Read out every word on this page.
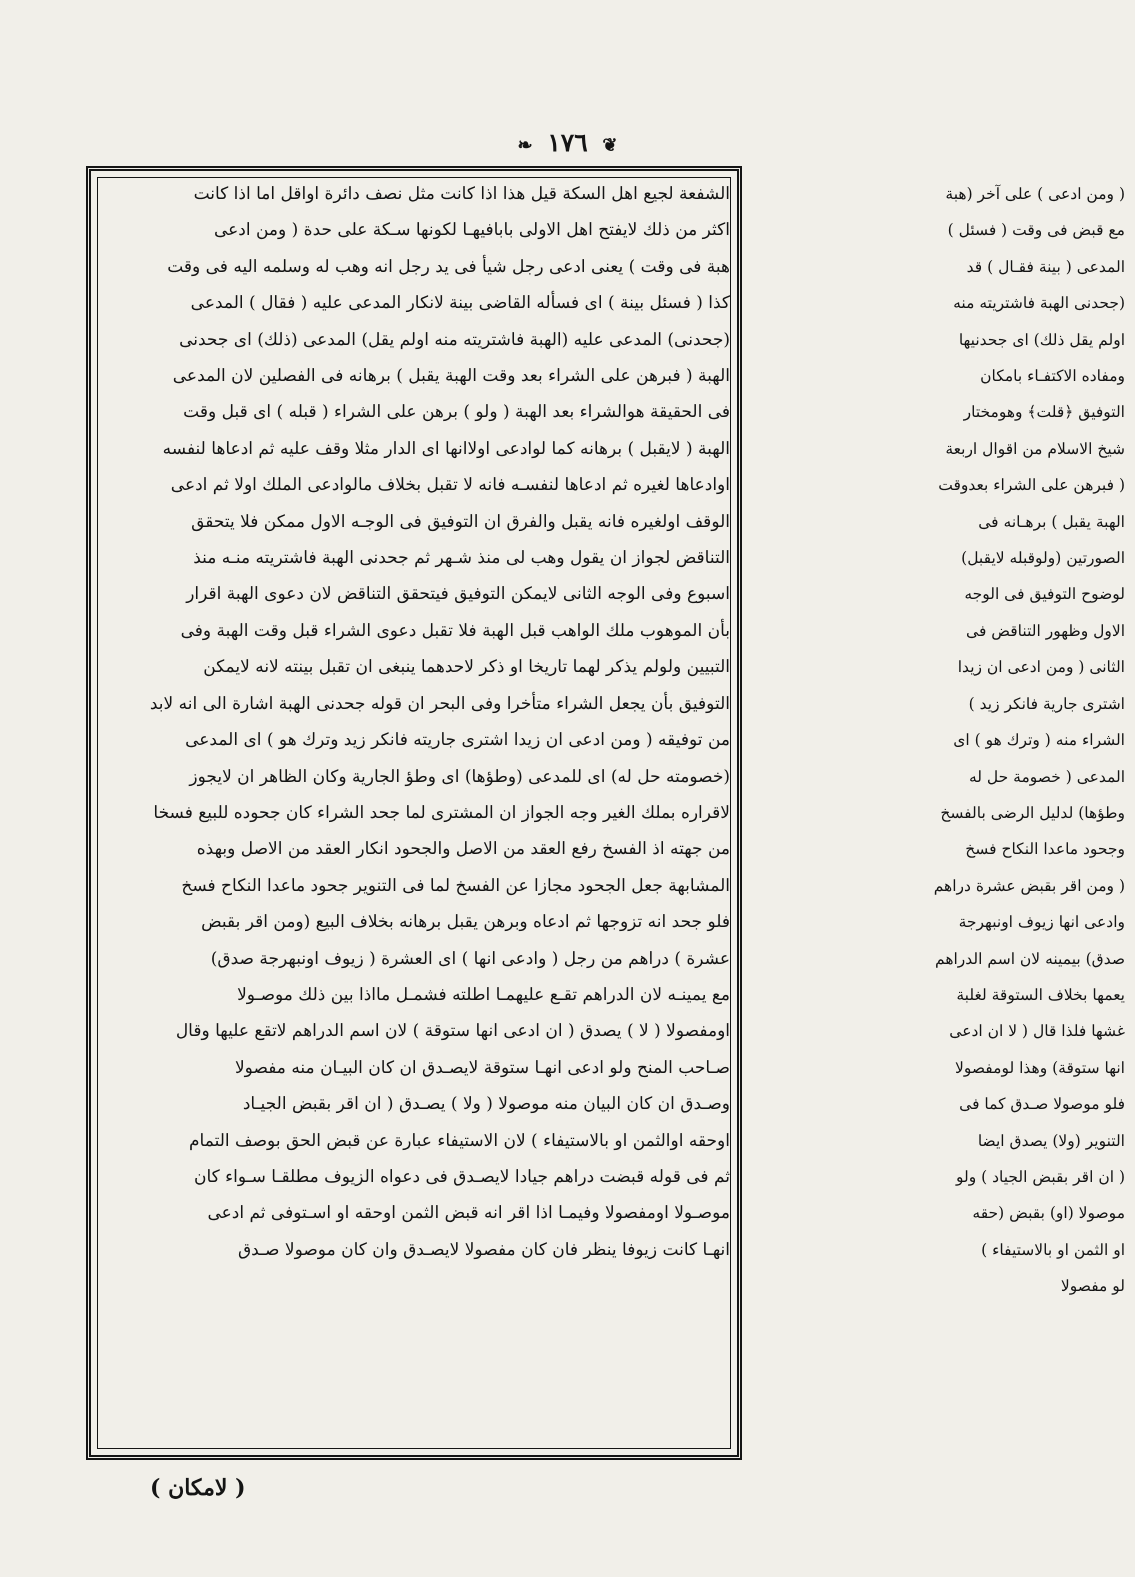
❦ ١٧٦ ❧
الشفعة لجيع اهل السكة قيل هذا اذا كانت مثل نصف دائرة اواقل اما اذا كانت
اكثر من ذلك لايفتح اهل الاولى بابافيهـا لكونها سـكة على حدة ( ومن ادعى
هبة فى وقت ) يعنى ادعى رجل شيأ فى يد رجل انه وهب له وسلمه اليه فى وقت
كذا ( فسئل بينة ) اى فسأله القاضى بينة لانكار المدعى عليه ( فقال ) المدعى
(جحدنى) المدعى عليه (الهبة فاشتريته منه اولم يقل) المدعى (ذلك) اى جحدنى
الهبة ( فبرهن على الشراء بعد وقت الهبة يقبل ) برهانه فى الفصلين لان المدعى
فى الحقيقة هوالشراء بعد الهبة ( ولو ) برهن على الشراء ( قبله ) اى قبل وقت
الهبة ( لايقبل ) برهانه كما لوادعى اولاانها اى الدار مثلا وقف عليه ثم ادعاها لنفسه
اوادعاها لغيره ثم ادعاها لنفسـه فانه لا تقبل بخلاف مالوادعى الملك اولا ثم ادعى
الوقف اولغيره فانه يقبل والفرق ان التوفيق فى الوجـه الاول ممكن فلا يتحقق
التناقض لجواز ان يقول وهب لى منذ شـهر ثم جحدنى الهبة فاشتريته منـه منذ
اسبوع وفى الوجه الثانى لايمكن التوفيق فيتحقق التناقض لان دعوى الهبة اقرار
بأن الموهوب ملك الواهب قبل الهبة فلا تقبل دعوى الشراء قبل وقت الهبة وفى
التبيين ولولم يذكر لهما تاريخا او ذكر لاحدهما ينبغى ان تقبل بينته لانه لايمكن
التوفيق بأن يجعل الشراء متأخرا وفى البحر ان قوله جحدنى الهبة اشارة الى انه لابد
من توفيقه ( ومن ادعى ان زيدا اشترى جاريته فانكر زيد وترك هو ) اى المدعى
(خصومته حل له) اى للمدعى (وطؤها) اى وطؤ الجارية وكان الظاهر ان لايجوز
لاقراره بملك الغير وجه الجواز ان المشترى لما جحد الشراء كان جحوده للبيع فسخا
من جهته اذ الفسخ رفع العقد من الاصل والجحود انكار العقد من الاصل وبهذه
المشابهة جعل الجحود مجازا عن الفسخ لما فى التنوير جحود ماعدا النكاح فسخ
فلو جحد انه تزوجها ثم ادعاه وبرهن يقبل برهانه بخلاف البيع (ومن اقر بقبض
عشرة ) دراهم من رجل ( وادعى انها ) اى العشرة ( زيوف اونبهرجة صدق)
مع يمينـه لان الدراهم تقـع عليهمـا اطلته فشمـل مااذا بين ذلك موصـولا
اومفصولا ( لا ) يصدق ( ان ادعى انها ستوقة ) لان اسم الدراهم لاتقع عليها وقال
صـاحب المنح ولو ادعى انهـا ستوقة لايصـدق ان كان البيـان منه مفصولا
وصـدق ان كان البيان منه موصولا ( ولا ) يصـدق ( ان اقر بقبض الجيـاد
اوحقه اوالثمن او بالاستيفاء ) لان الاستيفاء عبارة عن قبض الحق بوصف التمام
ثم فى قوله قبضت دراهم جيادا لايصـدق فى دعواه الزيوف مطلقـا سـواء كان
موصـولا اومفصولا وفيمـا اذا اقر انه قبض الثمن اوحقه او اسـتوفى ثم ادعى
انهـا كانت زيوفا ينظر فان كان مفصولا لايصـدق وان كان موصولا صـدق
( ومن ادعى ) على آخر (هبة
مع قبض فى وقت ( فسئل )
المدعى ( بينة فقـال ) قد
(جحدنى الهبة فاشتريته منه
اولم يقل ذلك) اى جحدنيها
ومفاده الاكتفـاء بامكان
التوفيق ﴿قلت﴾ وهومختار
شيخ الاسلام من اقوال اربعة
( فبرهن على الشراء بعدوقت
الهبة يقبل ) برهـانه فى
الصورتين (ولوقبله لايقبل)
لوضوح التوفيق فى الوجه
الاول وظهور التناقض فى
الثانى ( ومن ادعى ان زيدا
اشترى جارية فانكر زيد )
الشراء منه ( وترك هو ) اى
المدعى ( خصومة حل له
وطؤها) لدليل الرضى بالفسخ
وجحود ماعدا النكاح فسخ
( ومن اقر بقبض عشرة دراهم
وادعى انها زيوف اونبهرجة
صدق) بيمينه لان اسم الدراهم
يعمها بخلاف الستوقة لغلبة
غشها فلذا قال ( لا ان ادعى
انها ستوقة) وهذا لومفصولا
فلو موصولا صـدق كما فى
التنوير (ولا) يصدق ايضا
( ان اقر بقبض الجياد ) ولو
موصولا (او) بقبض (حقه
او الثمن او بالاستيفاء )
لو مفصولا
( لامكان )
